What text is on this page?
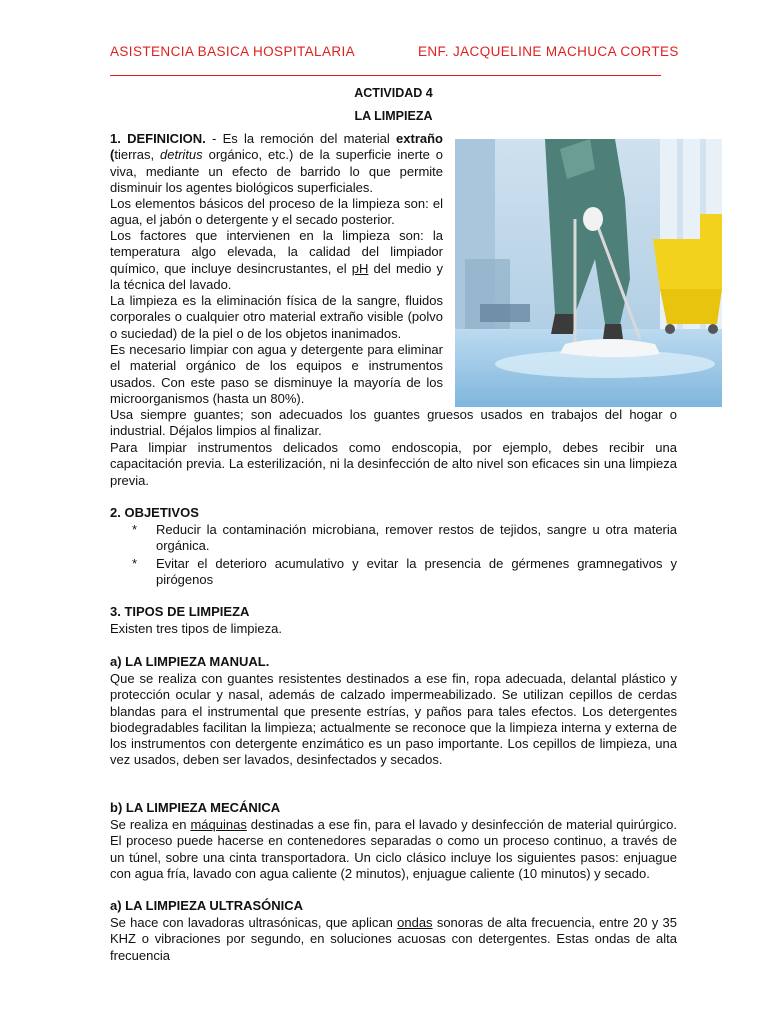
ASISTENCIA BASICA HOSPITALARIA	ENF. JACQUELINE MACHUCA CORTES
ACTIVIDAD 4
LA LIMPIEZA

1. DEFINICION. - Es la remoción del material extraño (tierras, detritus orgánico, etc.) de la superficie inerte o viva, mediante un efecto de barrido lo que permite disminuir los agentes biológicos superficiales.

Los elementos básicos del proceso de la limpieza son: el agua, el jabón o detergente y el secado posterior.

Los factores que intervienen en la limpieza son: la temperatura algo elevada, la calidad del limpiador químico, que incluye desincrustantes, el pH del medio y la técnica del lavado.

La limpieza es la eliminación física de la sangre, fluidos corporales o cualquier otro material extraño visible (polvo o suciedad) de la piel o de los objetos inanimados.

Es necesario limpiar con agua y detergente para eliminar el material orgánico de los equipos e instrumentos usados. Con este paso se disminuye la mayoría de los microorganismos (hasta un 80%).

Usa siempre guantes; son adecuados los guantes gruesos usados en trabajos del hogar o industrial. Déjalos limpios al finalizar.

Para limpiar instrumentos delicados como endoscopia, por ejemplo, debes recibir una capacitación previa. La esterilización, ni la desinfección de alto nivel son eficaces sin una limpieza previa.

2. OBJETIVOS
*	Reducir la contaminación microbiana, remover restos de tejidos, sangre u otra materia orgánica.
*	Evitar el deterioro acumulativo y evitar la presencia de gérmenes gramnegativos y pirógenos
3. TIPOS DE LIMPIEZA

Existen tres tipos de limpieza.

a) LA LIMPIEZA MANUAL.

Que se realiza con guantes resistentes destinados a ese fin, ropa adecuada, delantal plástico y protección ocular y nasal, además de calzado impermeabilizado. Se utilizan cepillos de cerdas blandas para el instrumental que presente estrías, y paños para tales efectos. Los detergentes biodegradables facilitan la limpieza; actualmente se reconoce que la limpieza interna y externa de los instrumentos con detergente enzimático es un paso importante. Los cepillos de limpieza, una vez usados, deben ser lavados, desinfectados y secados.

b) LA LIMPIEZA MECÁNICA

Se realiza en máquinas destinadas a ese fin, para el lavado y desinfección de material quirúrgico. El proceso puede hacerse en contenedores separadas o como un proceso continuo, a través de un túnel, sobre una cinta transportadora. Un ciclo clásico incluye los siguientes pasos: enjuague con agua fría, lavado con agua caliente (2 minutos), enjuague caliente (10 minutos) y secado.

a) LA LIMPIEZA ULTRASÓNICA

Se hace con lavadoras ultrasónicas, que aplican ondas sonoras de alta frecuencia, entre 20 y 35 KHZ o vibraciones por segundo, en soluciones acuosas con detergentes. Estas ondas de alta frecuencia
